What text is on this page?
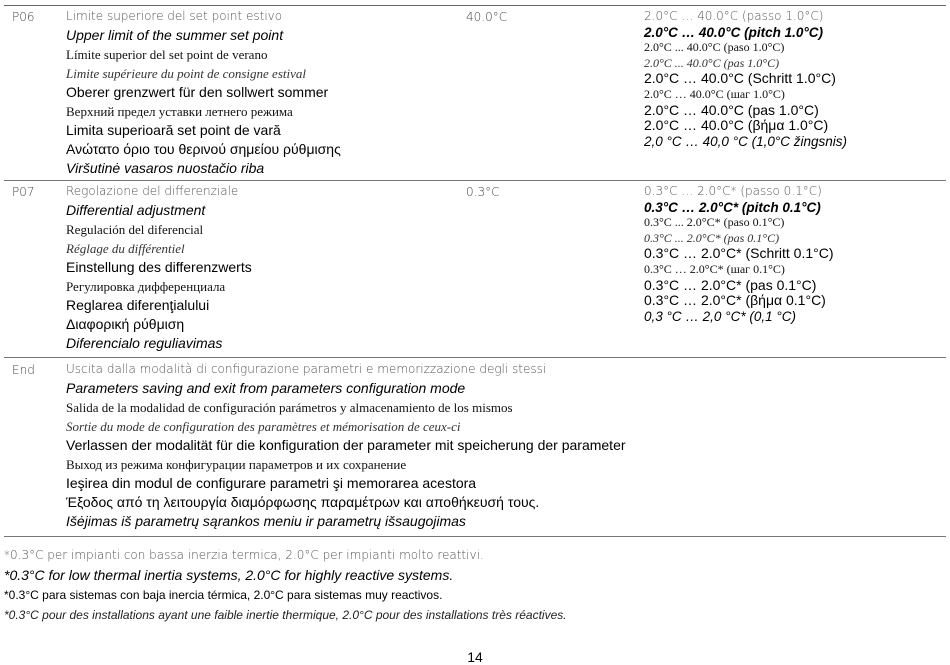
P06	Limite superiore del set point estivo
Upper limit of the summer set point
Límite superior del set point de verano
Limite supérieure du point de consigne estival
Oberer grenzwert für den sollwert sommer
Верхний предел уставки летнего режима
Limita superioară set point de vară
Ανώτατο όριο του θερινού σημείου ρύθμισης
Viršutinė vasaros nuostačio riba
40.0°C	2.0°C … 40.0°C (passo 1.0°C)
2.0°C … 40.0°C (pitch 1.0°C)
2.0°C ... 40.0°C (paso 1.0°C)
2.0°C ... 40.0°C (pas 1.0°C)
2.0°C … 40.0°C (Schritt 1.0°C)
2.0°C … 40.0°C (шаг 1.0°C)
2.0°C … 40.0°C (pas 1.0°C)
2.0°C … 40.0°C (βήμα 1.0°C)
2,0 °C … 40,0 °C (1,0°C žingsnis)
P07	Regolazione del differenziale
Differential adjustment
Regulación del diferencial
Réglage du différentiel
Einstellung des differenzwerts
Регулировка дифференциала
Reglarea diferenţialului
Διαφορική ρύθμιση
Diferencialo reguliavimas
0.3°C	0.3°C … 2.0°C* (passo 0.1°C)
0.3°C … 2.0°C* (pitch 0.1°C)
0.3°C ... 2.0°C* (paso 0.1°C)
0.3°C ... 2.0°C* (pas 0.1°C)
0.3°C … 2.0°C* (Schritt 0.1°C)
0.3°C … 2.0°C* (шаг 0.1°C)
0.3°C … 2.0°C* (pas 0.1°C)
0.3°C … 2.0°C* (βήμα 0.1°C)
0,3 °C … 2,0 °C* (0,1 °C)
End	Uscita dalla modalità di configurazione parametri e memorizzazione degli stessi
Parameters saving and exit from parameters configuration mode
Salida de la modalidad de configuración parámetros y almacenamiento de los mismos
Sortie du mode de configuration des paramètres et mémorisation de ceux-ci
Verlassen der modalität für die konfiguration der parameter mit speicherung der parameter
Выход из режима конфигурации параметров и их сохранение
Ieşirea din modul de configurare parametri şi memorarea acestora
Έξοδος από τη λειτουργία διαμόρφωσης παραμέτρων και αποθήκευσή τους.
Išėjimas iš parametrų sąrankos meniu ir parametrų išsaugojimas
*0.3°C per impianti con bassa inerzia termica, 2.0°C per impianti molto reattivi.
*0.3°C for low thermal inertia systems, 2.0°C for highly reactive systems.
*0.3°C para sistemas con baja inercia térmica, 2.0°C para sistemas muy reactivos.
*0.3°C pour des installations ayant une faible inertie thermique, 2.0°C pour des installations très réactives.
14
